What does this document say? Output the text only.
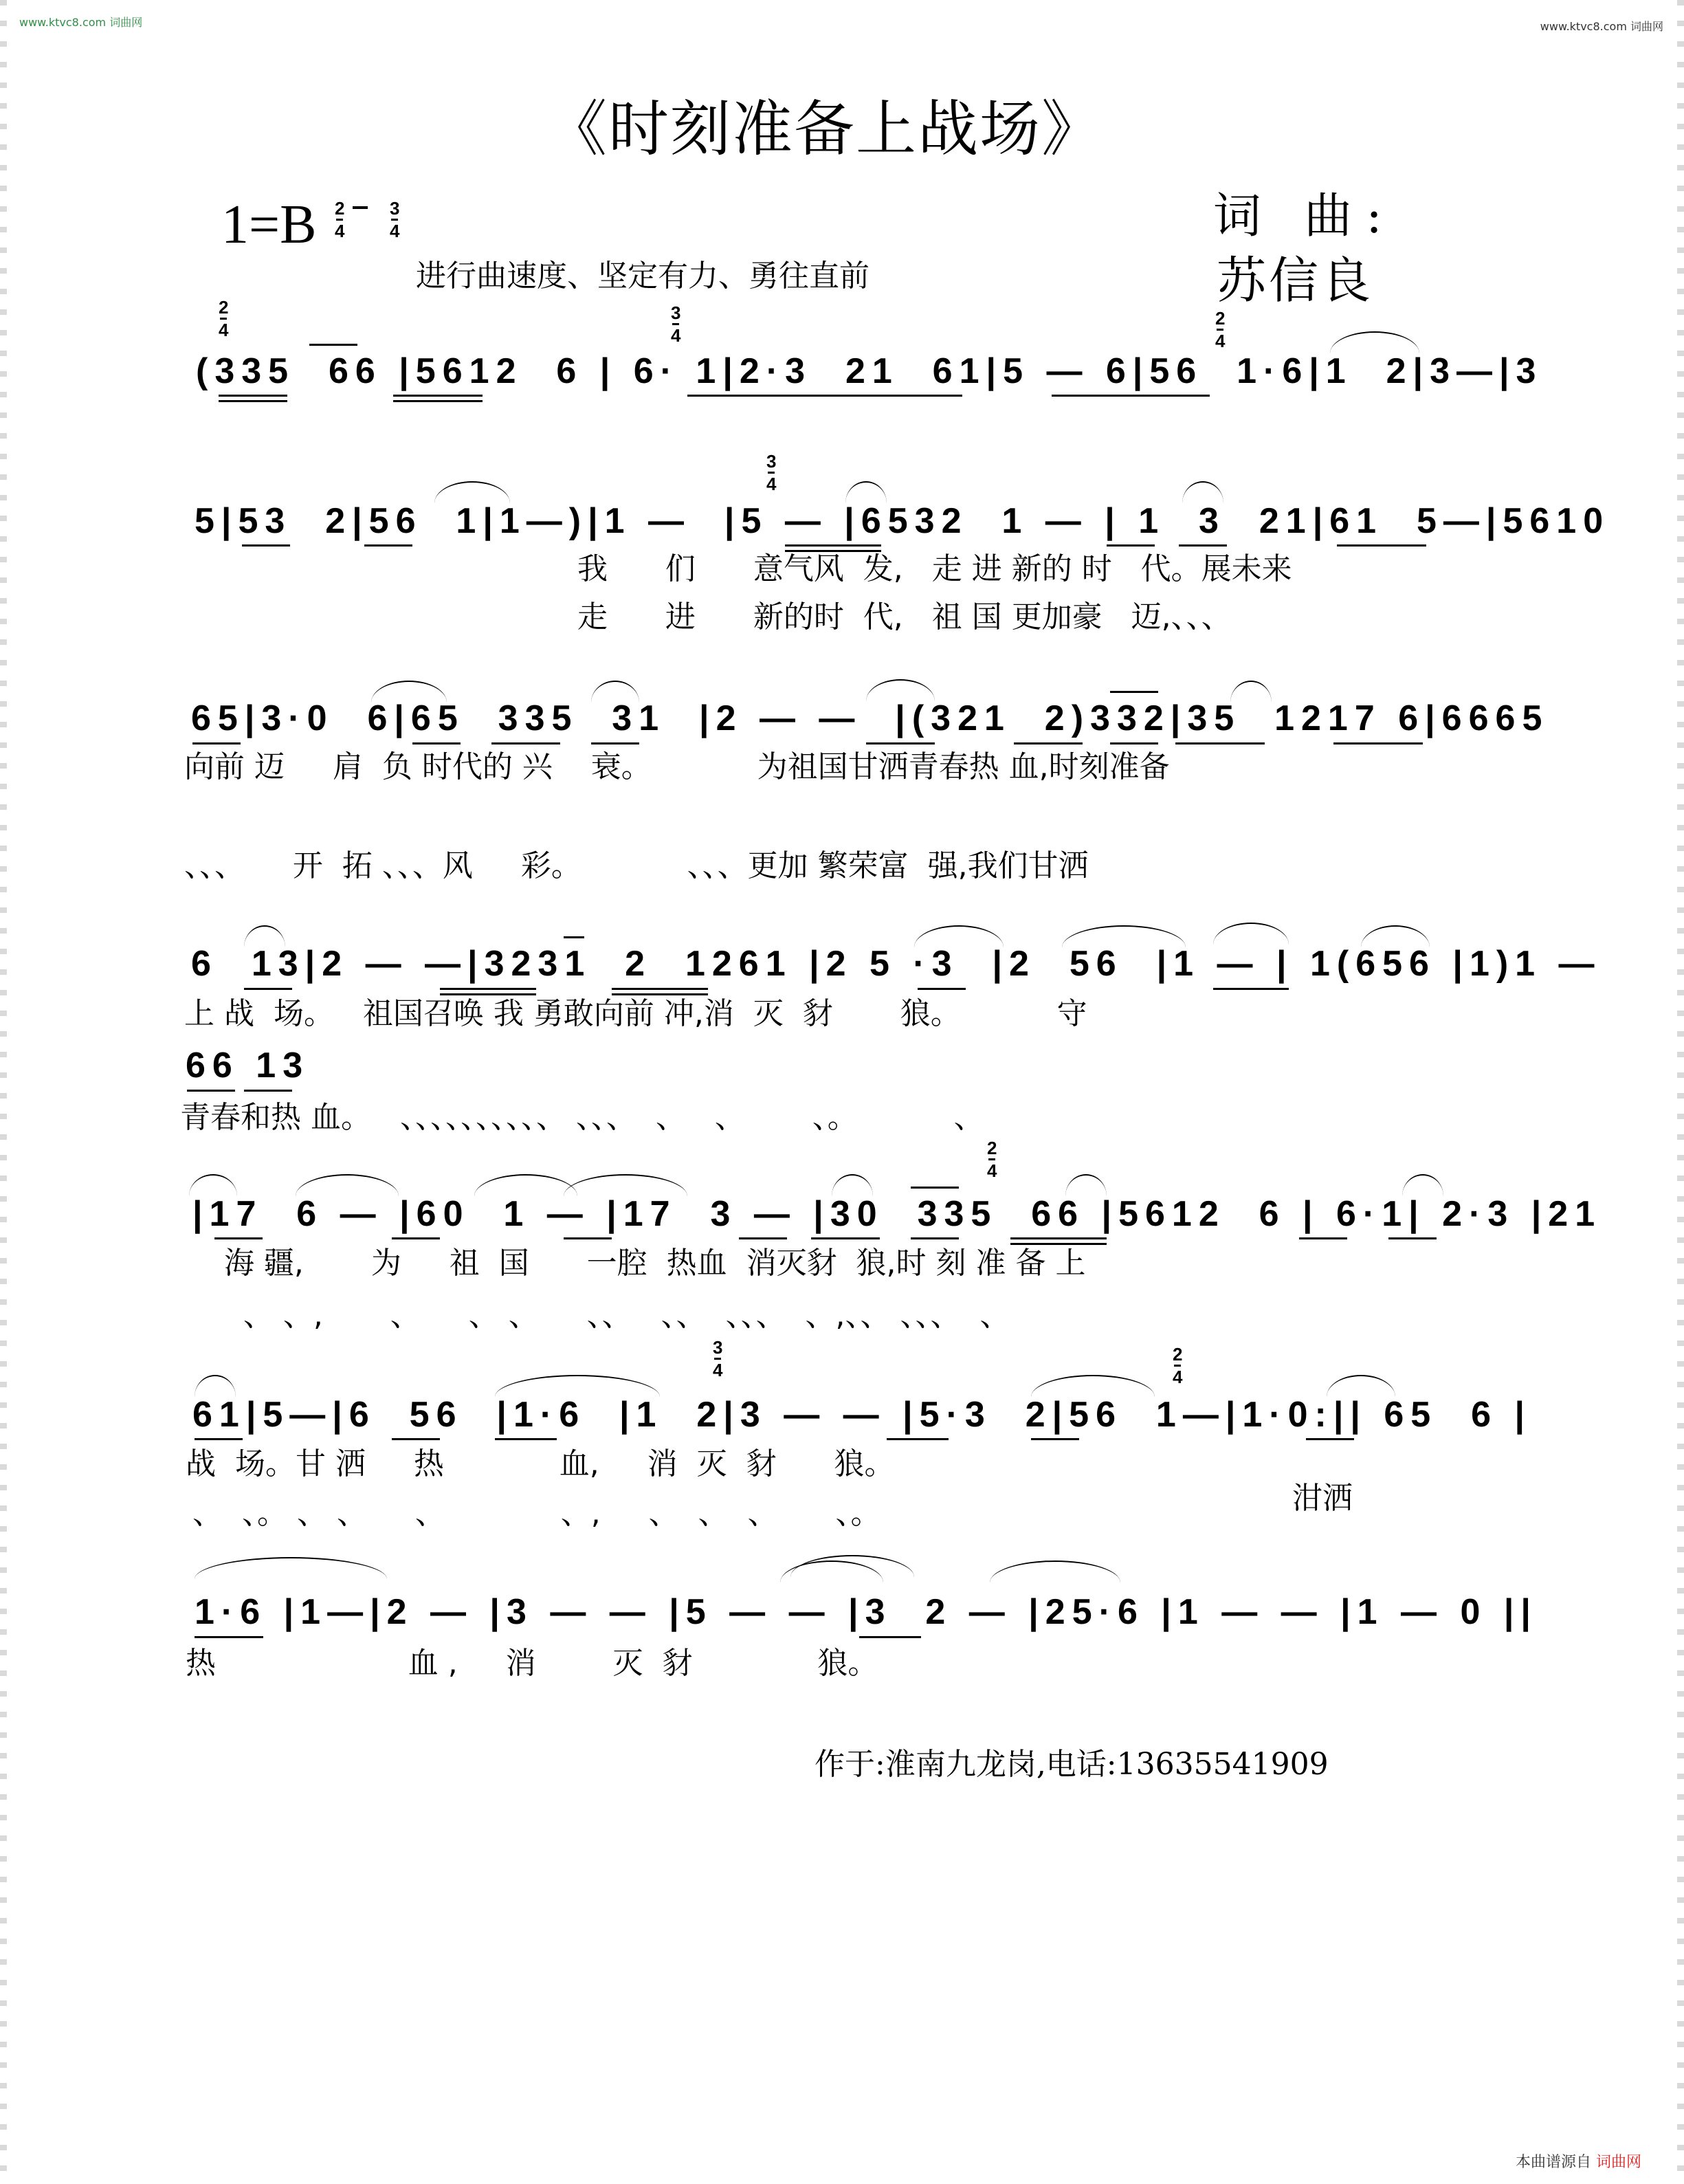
www.ktvc8.com 词曲网	www.ktvc8.com 词曲网
《时刻准备上战场》
1=B 2
4
3
4
进行曲速度、坚定有力、勇往直前
词 曲:
苏信良
2
4
3
4
2
4
(335  66 |5612  6 | 6· 1|2·3  21  61|5 — 6|56  1·6|1  2|3—|3
3
4
5|53  2|56  1|1—)|1 —  |5 — |6532  1 — | 1  3  21|61  5—|5610
我      们      意气风  发,   走 进 新的 时   代。展未来
走      进      新的时  代,   祖 国 更加豪   迈,、、、
65|3·0  6|65  335  31  |2 — —  |(321  2)332|35  1217 6|6665
向前 迈     肩  负 时代的 兴    衰。           为祖国甘洒青春热 血,时刻准备
、、、     开  拓 、、、风     彩。           、、、更加 繁荣富  强,我们甘洒
6  13|2 — —|3231  2  1261 |2 5 ·3  |2  56  |1 — | 1(656 |1)1 —
66 13
上 战  场。   祖国召唤 我 勇敢向前 冲,消  灭  豺       狼。          守
青春和热 血。   、、、、、、、、、、 、、、  、   、       、。          、
2
4
|17  6 — |60  1 — |17  3 — |30  335  66 |5612  6 | 6·1| 2·3 |21
海 疆,       为     祖  国      一腔  热血  消灭豺  狼,时 刻 准 备 上
、 、,       、     、 、     、、   、、  、、、  、,、、 、、、  、
3
4
2
4
61|5—|6  56  |1·6  |1  2|3 — — |5·3  2|56  1—|1·0:|| 65  6 |
战  场。甘 洒     热            血,     消  灭  豺      狼。
、  、。 、 、     、            、,     、  、  、      、。	泔洒
1·6 |1—|2 — |3 — — |5 — — |3  2 — |25·6 |1 — — |1 — 0 ||
热                    血 ,     消        灭  豺             狼。
作于:淮南九龙岗,电话:13635541909
本曲谱源自 词曲网
